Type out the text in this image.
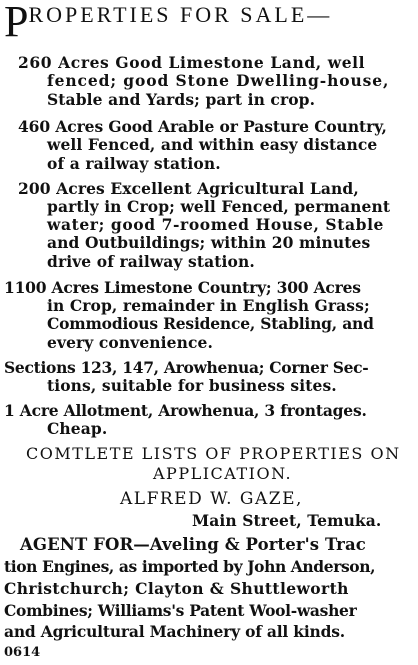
PROPERTIES FOR SALE—
260 Acres Good Limestone Land, well
fenced; good Stone Dwelling-house,
Stable and Yards; part in crop.
460 Acres Good Arable or Pasture Country,
well Fenced, and within easy distance
of a railway station.
200 Acres Excellent Agricultural Land,
partly in Crop; well Fenced, permanent
water; good 7-roomed House, Stable
and Outbuildings; within 20 minutes
drive of railway station.
1100 Acres Limestone Country; 300 Acres
in Crop, remainder in English Grass;
Commodious Residence, Stabling, and
every convenience.
Sections 123, 147, Arowhenua; Corner Sec-
tions, suitable for business sites.
1 Acre Allotment, Arowhenua, 3 frontages.
Cheap.
COMTLETE LISTS OF PROPERTIES ON
APPLICATION.
ALFRED W. GAZE,
Main Street, Temuka.
AGENT FOR—Aveling & Porter's Trac
tion Engines, as imported by John Anderson,
Christchurch; Clayton & Shuttleworth
Combines; Williams's Patent Wool-washer
and Agricultural Machinery of all kinds.
0614
